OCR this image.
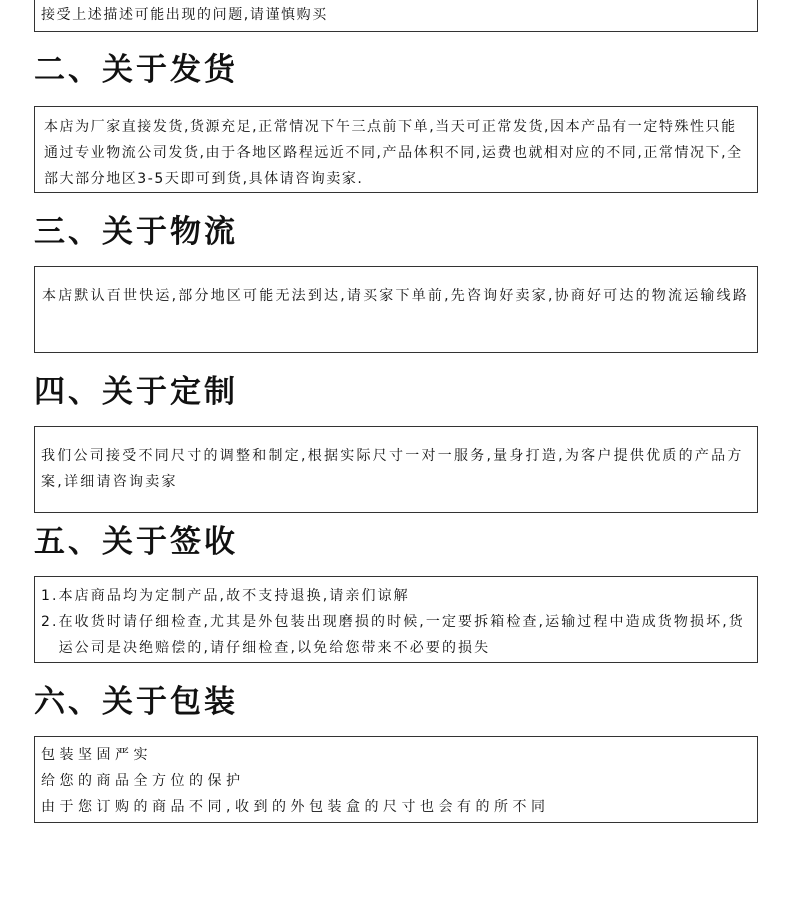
接受上述描述可能出现的问题,请谨慎购买

二、关于发货

本店为厂家直接发货,货源充足,正常情况下午三点前下单,当天可正常发货,因本产品有一定特殊性只能通过专业物流公司发货,由于各地区路程远近不同,产品体积不同,运费也就相对应的不同,正常情况下,全部大部分地区3-5天即可到货,具体请咨询卖家.

三、关于物流

本店默认百世快运,部分地区可能无法到达,请买家下单前,先咨询好卖家,协商好可达的物流运输线路

四、关于定制

我们公司接受不同尺寸的调整和制定,根据实际尺寸一对一服务,量身打造,为客户提供优质的产品方案,详细请咨询卖家

五、关于签收
1. 本店商品均为定制产品,故不支持退换,请亲们谅解
2. 在收货时请仔细检查,尤其是外包装出现磨损的时候,一定要拆箱检查,运输过程中造成货物损坏,货运公司是决绝赔偿的,请仔细检查,以免给您带来不必要的损失
六、关于包装

包装坚固严实

给您的商品全方位的保护

由于您订购的商品不同,收到的外包装盒的尺寸也会有的所不同
